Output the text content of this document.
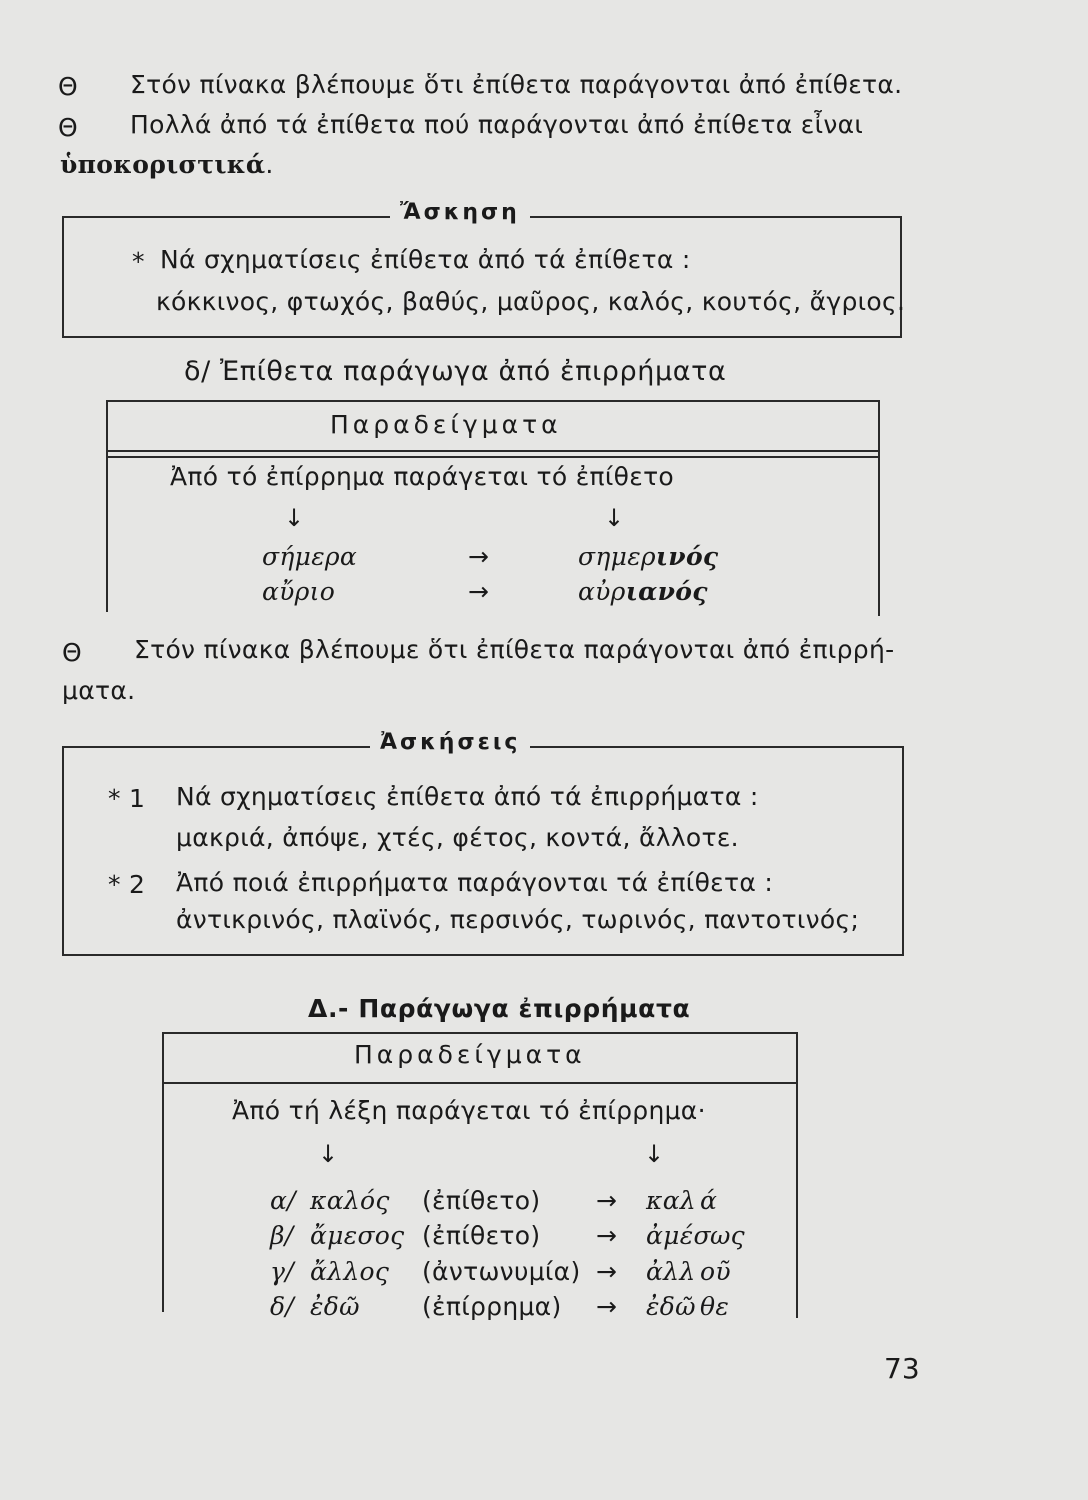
Θ Στόν πίνακα βλέπουμε ὅτι ἐπίθετα παράγονται ἀπό ἐπίθετα.
Θ Πολλά ἀπό τά ἐπίθετα πού παράγονται ἀπό ἐπίθετα εἶναι
ὑποκοριστικά.
Ἄσκηση
* Νά σχηματίσεις ἐπίθετα ἀπό τά ἐπίθετα :
κόκκινος, φτωχός, βαθύς, μαῦρος, καλός, κουτός, ἄγριος.
δ/ Ἐπίθετα παράγωγα ἀπό ἐπιρρήματα
Παραδείγματα
Ἀπό τό ἐπίρρημα παράγεται τό ἐπίθετο
↓	↓
σήμερα	→	σημερινός
αὔριο	→	αὐριανός
Θ Στόν πίνακα βλέπουμε ὅτι ἐπίθετα παράγονται ἀπό ἐπιρρή-
ματα.
Ἀσκήσεις
* 1 Νά σχηματίσεις ἐπίθετα ἀπό τά ἐπιρρήματα :
μακριά, ἀπόψε, χτές, φέτος, κοντά, ἄλλοτε.
* 2 Ἀπό ποιά ἐπιρρήματα παράγονται τά ἐπίθετα :
ἀντικρινός, πλαϊνός, περσινός, τωρινός, παντοτινός;
Δ.- Παράγωγα ἐπιρρήματα
Παραδείγματα
Ἀπό τή λέξη παράγεται τό ἐπίρρημα·
↓	↓
α/ καλός (ἐπίθετο) → καλ ά
β/ ἄμεσος (ἐπίθετο) → ἀμέσ ως
γ/ ἄλλος (ἀντωνυμία) → ἀλλ οῦ
δ/ ἐδῶ (ἐπίρρημα) → ἐδῶ θε
73
